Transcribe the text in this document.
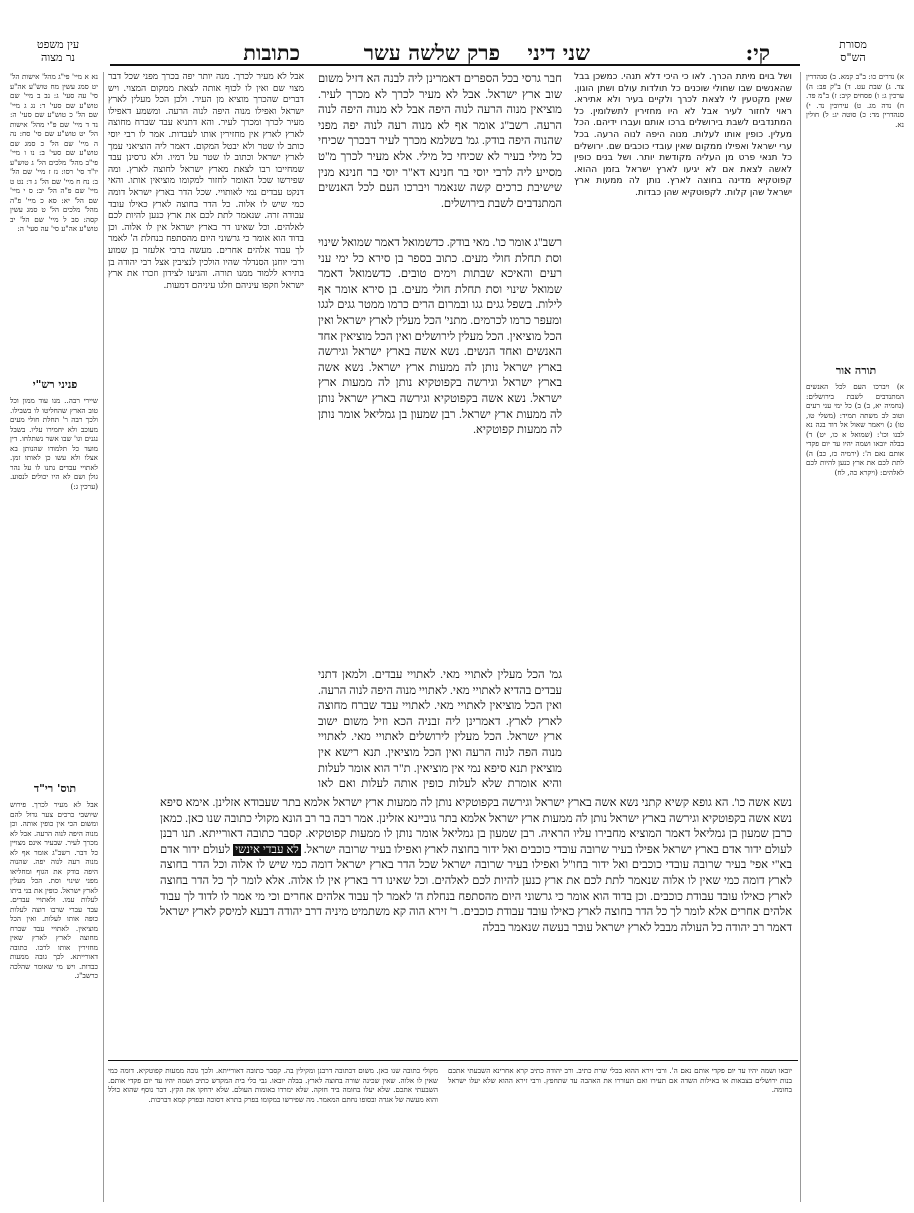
עין משפט
נר מצוה
מסורת
הש"ס
קי:
שני דיני
פרק שלשה עשר
כתובות
נא א מיי' פי"ג מהל' אישות הל' יט סמג עשין מח טוש"ע אה"ע סי' עה סעי' ג: נב ב מיי' שם טוש"ע שם סעי' ד: נג ג מיי' שם הל' כ טוש"ע שם סעי' ה: נד ד מיי' שם פ"י מהל' אישות הל' יט טוש"ע שם סי' סח: נה ה מיי' שם הל' כ סמג שם טוש"ע שם סעי' ב: נו ו מיי' פי"ב מהל' מלכים הל' ג טוש"ע יו"ד סי' רסו: נז ז מיי' שם הל' ב: נח ח מיי' שם הל' ג ד: נט ט מיי' שם פ"ה הל' יב: ס י מיי' שם הל' יא: סא כ מיי' פ"ה מהל' מלכים הל' ט סמג עשין קסה: סב ל מיי' שם הל' יב טוש"ע אה"ע סי' עה סעי' ה:
פניני רש"י
שיירי רבה.. מנו עוד ממון וכל טוב הארץ שהחליטו לו בשבילו. ולכך רבה ר' תחלת חולי מעים מעוכב ולא יחמירו עליו. בשבל נגנים וגו' שבו אשר נשתלחו. דין מועד כל תלמודו שהנותן בא אצלו ולא עשו כן לאותו זמן. לאתויי עבדים נתנו לו על נהר גולן ושם לא היו יכולים לנסוע. (ערכין ג:)
תוס' רי"ד
אבל לא מעיר לכרך. פירוש שיושבי כרכים צער גדול להם ומשום הכי אין כופין אותה. וכן מנוה היפה לנוה הרעה. אבל לא מכרך לעיר. שבעיר אינם מצויין כל דבר. רשב"ג אומר אף לא מנוה רעה לנוה יפה. שהנוה היפה בודק את הגוף ומחליאו מפני שינוי וסת. הכל מעלין לארץ ישראל. כופין את בני ביתו לעלות עמו. ולאתויי עבדים. עבד עברי שרבו רוצה לעלות כופה אותו לעלות. ואין הכל מוציאין. לאתויי עבד שברח מחוצה לארץ לארץ שאין מחזירין אותו לרבו. כתובה דאורייתא. לכך גובה ממעות כבדות. ויש מי שאומר שהלכה כרשב"ג.
אבל לא מעיר לכרך. מנה יותר יפה בכרך מפני שכל דבר מצוי שם ואין לו לכוף אותה לצאת ממקום המצוי. ויש דברים שהכרך מוציא מן העיר. ולכן הכל מעלין לארץ ישראל ואפילו מנוה היפה לנוה הרעה. ומשמע דאפילו מעיר לכרך ומכרך לעיר. והא דתניא עבד שברח מחוצה לארץ לארץ אין מחזירין אותו לעבדות. אמר לו רבי יוסי כותב לו שטר ולא יבטל המקום. דאמר ליה הוציאני עמך לארץ ישראל וכתוב לו שטר על דמיו. ולא גרסינן עבד שמחייבו רבו לצאת מארץ ישראל לחוצה לארץ. ומה שפירשו שכל האומר לחזור למקומו מוציאין אותו. והאי דנקט עבדים נמי לאותויי. שכל הדר בארץ ישראל דומה כמי שיש לו אלוה. כל הדר בחוצה לארץ כאילו עובד עבודה זרה. שנאמר לתת לכם את ארץ כנען להיות לכם לאלהים. וכל שאינו דר בארץ ישראל אין לו אלוה. וכן בדוד הוא אומר כי גרשוני היום מהסתפח בנחלת ה' לאמר לך עבוד אלהים אחרים. מעשה ברבי אלעזר בן שמוע ורבי יוחנן הסנדלר שהיו הולכין לנציבין אצל רבי יהודה בן בתירא ללמוד ממנו תורה. והגיעו לצידון וזכרו את ארץ ישראל וזקפו עיניהם וזלגו עיניהם דמעות.
חבר גרסי בכל הספרים דאמרינן ליה לבנה הא דזיל משום שוב ארץ ישראל. אבל לא מעיר לכרך לא מכרך לעיר. מוציאין מנוה הרעה לנוה היפה אבל לא מנוה היפה לנוה הרעה. רשב"ג אומר אף לא מנוה רעה לנוה יפה מפני שהנוה היפה בודק. גמ' בשלמא מכרך לעיר דבכרך שכיחי כל מילי בעיר לא שכיחי כל מילי. אלא מעיר לכרך מ"ט מסייע ליה לרבי יוסי בר חנינא דא"ר יוסי בר חנינא מנין שישיבת כרכים קשה שנאמר ויברכו העם לכל האנשים המתנדבים לשבת בירושלים.
רשב"ג אומר כו'. מאי בודק. כדשמואל דאמר שמואל שינוי וסת תחלת חולי מעים. כתוב בספר בן סירא כל ימי עני רעים והאיכא שבתות וימים טובים. כדשמואל דאמר שמואל שינוי וסת תחלת חולי מעים. בן סירא אומר אף לילות. בשפל גגים גגו ובמרום הרים כרמו ממטר גגים לגגו ומעפר כרמו לכרמים. מתני' הכל מעלין לארץ ישראל ואין הכל מוציאין. הכל מעלין לירושלים ואין הכל מוציאין אחד האנשים ואחד הנשים. נשא אשה בארץ ישראל וגירשה בארץ ישראל נותן לה ממעות ארץ ישראל. נשא אשה בארץ ישראל וגירשה בקפוטקיא נותן לה ממעות ארץ ישראל. נשא אשה בקפוטקיא וגירשה בארץ ישראל נותן לה ממעות ארץ ישראל. רבן שמעון בן גמליאל אומר נותן לה ממעות קפוטקיא.
גמ' הכל מעלין לאתויי מאי. לאתויי עבדים. ולמאן דתני עבדים בהדיא לאתויי מאי. לאתויי מנוה היפה לנוה הרעה. ואין הכל מוציאין לאתויי מאי. לאתויי עבד שברח מחוצה לארץ לארץ. דאמרינן ליה זבניה הכא וזיל משום ישוב ארץ ישראל. הכל מעלין לירושלים לאתויי מאי. לאתויי מנוה הפה לנוה הרעה ואין הכל מוציאין. תנא רישא אין מוציאין תנא סיפא נמי אין מוציאין. ת"ר הוא אומר לעלות והיא אומרת שלא לעלות כופין אותה לעלות ואם לאו
ושל בוים מיתת הכרך. לאו כי היכי דלא תנהי. כמשכן בבל שהאנשים שבו שחולי שוכנים כל תולדות עולם ושתן הוגון. שאין מקטעין לי לצאת לכרך ולקיים בעיר ולא אתירא. ראוי לחזור לעיר אבל לא היו מחזירין לתשלומין. כל המתנדבים לשבת בירושלים ברכו אותם ועברו ידיהם. הכל מעלין. כופין אותו לעלות. מנוה היפה לנוה הרעה. בכל ערי ישראל ואפילו ממקום שאין עובדי כוכבים שם. ירושלים כל תנאי פרט מן העליה מקודשת יותר. ושל בנים כופין לאשה לצאת אם לא יגיעו לארץ ישראל בזמן ההוא. קפוטקיא מדינה בחוצה לארץ. נותן לה ממעות ארץ ישראל שהן קלות. לקפוטקיא שהן כבדות.
נשא אשה כו'. הא גופא קשיא קתני נשא אשה בארץ ישראל וגירשה בקפוטקיא נותן לה ממעות ארץ ישראל אלמא בתר שעבודא אזלינן. אימא סיפא נשא אשה בקפוטקיא וגירשה בארץ ישראל נותן לה ממעות ארץ ישראל אלמא בתר גוביינא אזלינן. אמר רבה בר רב הונא מקולי כתובה שנו כאן. כמאן כרבן שמעון בן גמליאל דאמר המוציא מחבירו עליו הראיה. רבן שמעון בן גמליאל אומר נותן לו ממעות קפוטקיא. קסבר כתובה דאורייתא. תנו רבנן לעולם ידור אדם בארץ ישראל אפילו בעיר שרובה עובדי כוכבים ואל ידור בחוצה לארץ ואפילו בעיר שרובה ישראל. לא עבדי אינשי לעולם ידור אדם בא"י אפי' בעיר שרובה עובדי כוכבים ואל ידור בחו"ל ואפילו בעיר שרובה ישראל שכל הדר בארץ ישראל דומה כמי שיש לו אלוה וכל הדר בחוצה לארץ דומה כמי שאין לו אלוה שנאמר לתת לכם את ארץ כנען להיות לכם לאלהים. וכל שאינו דר בארץ אין לו אלוה. אלא לומר לך כל הדר בחוצה לארץ כאילו עובד עבודת כוכבים. וכן בדוד הוא אומר כי גרשוני היום מהסתפח בנחלת ה' לאמר לך עבוד אלהים אחרים וכי מי אמר לו לדוד לך עבוד אלהים אחרים אלא לומר לך כל הדר בחוצה לארץ כאילו עובד עבודת כוכבים. ר' זירא הוה קא משתמיט מיניה דרב יהודה דבעא למיסק לארץ ישראל דאמר רב יהודה כל העולה מבבל לארץ ישראל עובר בעשה שנאמר בבלה
מקולי כתובה שנו כאן. משום דכתובה דרבנן ומקילין בה. קסבר כתובה דאורייתא. ולכך גובה ממעות קפוטקיא. דומה כמי שאין לו אלוה. שאין שכינה שורה בחוצה לארץ. בבלה יובאו. גבי כלי בית המקדש כתיב ושמה יהיו עד יום פקדי אותם. השבעתי אתכם. שלא יעלו בחומה ביד חזקה. שלא ימרדו באומות העולם. שלא ידחקו את הקץ. דבר נוסף שהוא כולל והוא מעשה של אגדה ובסופו נחתם המאמר. מה שפירשו במקומו בפרק בתרא דסוכה ובפרק קמא דברכות.
יובאו ושמה יהיו עד יום פקדי אותם נאם ה'. ורבי זירא ההוא בכלי שרת כתיב. ורב יהודה כתיב קרא אחרינא השבעתי אתכם בנות ירושלים בצבאות או באילות השדה אם תעירו ואם תעוררו את האהבה עד שתחפץ. ורבי זירא ההוא שלא יעלו ישראל בחומה.
א) נדרים כו: ב"ב קמא. ב) סנהדרין צד. ג) שבת עט. ד) ב"ק פב: ה) ערכין ג: ו) פסחים קיב: ז) ב"מ פד. ח) נדה מג. ט) עירובין נד. י) סנהדרין מד: כ) סוטה יג: ל) חולין נא.
תורה אור
א) ויברכו העם לכל האנשים המתנדבים לשבת בירושלים: (נחמיה יא, ב) ב) כל ימי עני רעים וטוב לב משתה תמיד: (משלי טו, טו) ג) ויאמר שאול אל דוד בגה נא לבנו וכו': (שמואל א כו, יט) ד) בבלה יובאו ושמה יהיו עד יום פקדי אותם נאם ה': (ירמיה כז, כב) ה) לתת לכם את ארץ כנען להיות לכם לאלהים: (ויקרא כה, לח)
